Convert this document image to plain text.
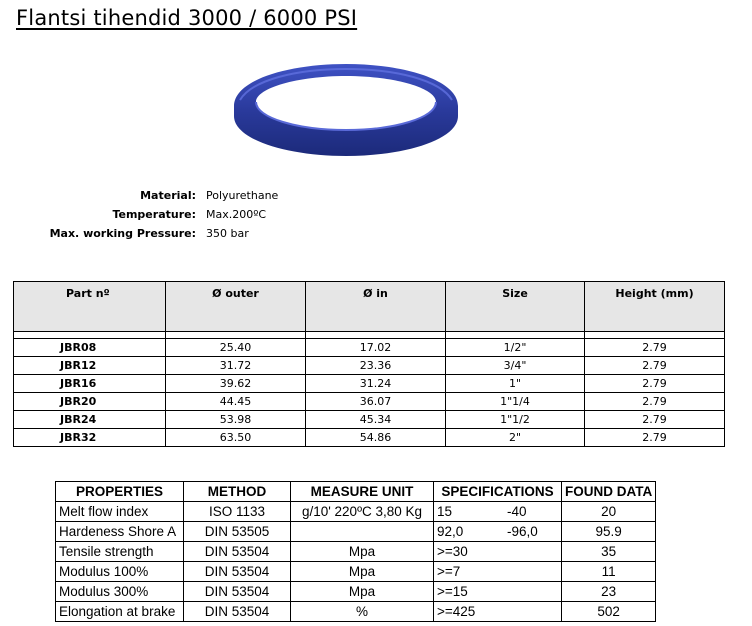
Flantsi tihendid 3000 / 6000 PSI
Material: Polyurethane
Temperature: Max.200ºC
Max. working Pressure: 350 bar
Part nº	Ø outer	Ø in	Size	Height (mm)

JBR08	25.40	17.02	1/2"	2.79
JBR12	31.72	23.36	3/4"	2.79
JBR16	39.62	31.24	1"	2.79
JBR20	44.45	36.07	1"1/4	2.79
JBR24	53.98	45.34	1"1/2	2.79
JBR32	63.50	54.86	2"	2.79
PROPERTIES	METHOD	MEASURE UNIT	SPECIFICATIONS	FOUND DATA
Melt flow index	ISO 1133	g/10' 220ºC 3,80 Kg	15 -40	20
Hardeness Shore A	DIN 53505		92,0 -96,0	95.9
Tensile strength	DIN 53504	Mpa	>=30	35
Modulus 100%	DIN 53504	Mpa	>=7	11
Modulus 300%	DIN 53504	Mpa	>=15	23
Elongation at brake	DIN 53504	%	>=425	502
